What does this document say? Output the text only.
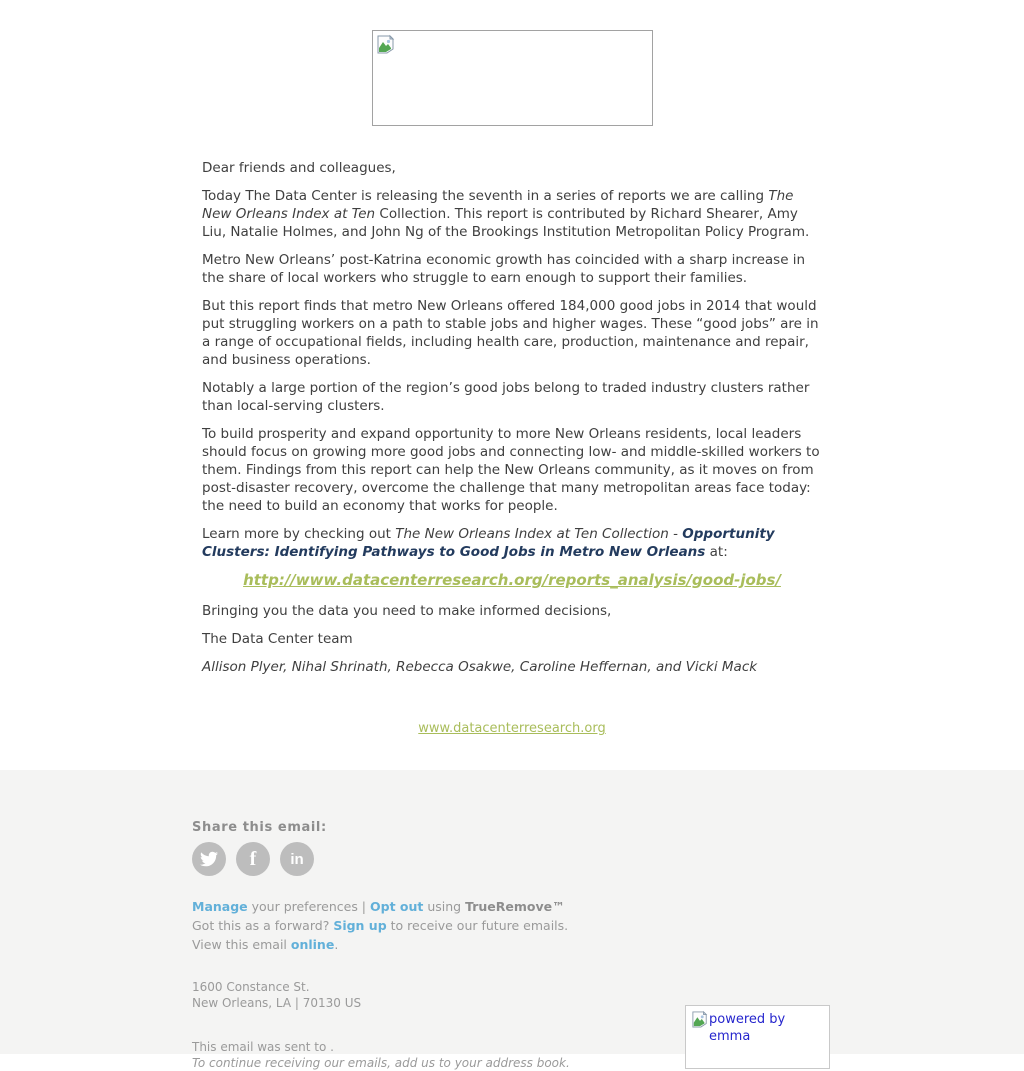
Dear friends and colleagues,

Today The Data Center is releasing the seventh in a series of reports we are calling The New Orleans Index at Ten Collection. This report is contributed by Richard Shearer, Amy Liu, Natalie Holmes, and John Ng of the Brookings Institution Metropolitan Policy Program.

Metro New Orleans’ post-Katrina economic growth has coincided with a sharp increase in the share of local workers who struggle to earn enough to support their families.

But this report finds that metro New Orleans offered 184,000 good jobs in 2014 that would put struggling workers on a path to stable jobs and higher wages. These “good jobs” are in a range of occupational fields, including health care, production, maintenance and repair, and business operations.

Notably a large portion of the region’s good jobs belong to traded industry clusters rather than local-serving clusters.

To build prosperity and expand opportunity to more New Orleans residents, local leaders should focus on growing more good jobs and connecting low- and middle-skilled workers to them. Findings from this report can help the New Orleans community, as it moves on from post-disaster recovery, overcome the challenge that many metropolitan areas face today: the need to build an economy that works for people.

Learn more by checking out The New Orleans Index at Ten Collection - Opportunity Clusters: Identifying Pathways to Good Jobs in Metro New Orleans at:

http://www.datacenterresearch.org/reports_analysis/good-jobs/

Bringing you the data you need to make informed decisions,

The Data Center team

Allison Plyer, Nihal Shrinath, Rebecca Osakwe, Caroline Heffernan, and Vicki Mack

www.datacenterresearch.org

Share this email:
f in
Manage your preferences | Opt out using TrueRemove™
Got this as a forward? Sign up to receive our future emails.
View this email online.
1600 Constance St.
New Orleans, LA | 70130 US
This email was sent to .
To continue receiving our emails, add us to your address book.
powered by emma
